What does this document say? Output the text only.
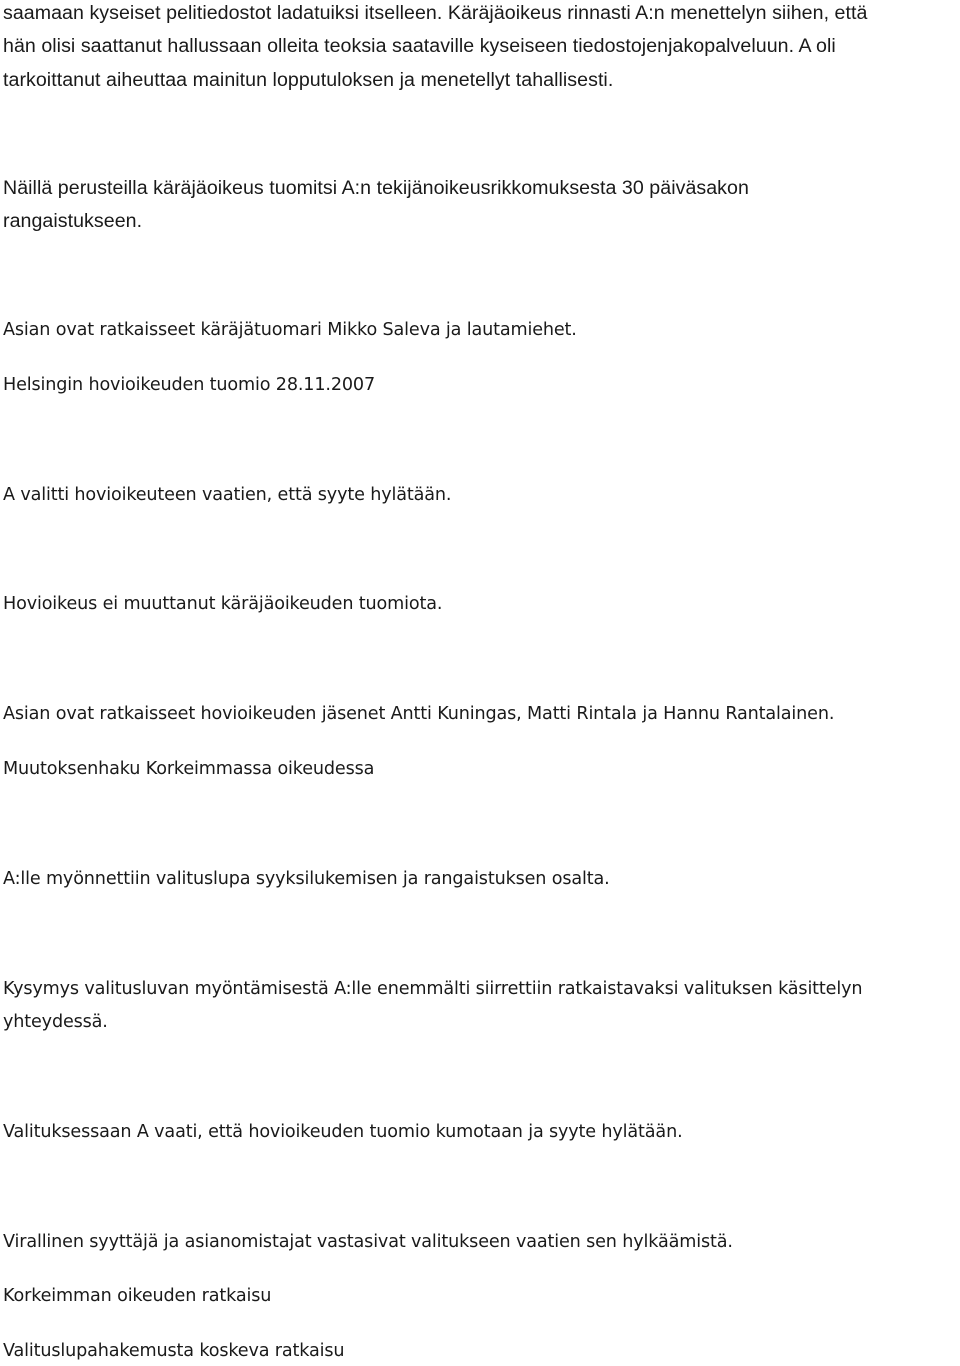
saamaan kyseiset pelitiedostot ladatuiksi itselleen. Käräjäoikeus rinnasti A:n menettelyn siihen, että

hän olisi saattanut hallussaan olleita teoksia saataville kyseiseen tiedostojenjakopalveluun. A oli

tarkoittanut aiheuttaa mainitun lopputuloksen ja menetellyt tahallisesti.

Näillä perusteilla käräjäoikeus tuomitsi A:n tekijänoikeusrikkomuksesta 30 päiväsakon

rangaistukseen.

Asian ovat ratkaisseet käräjätuomari Mikko Saleva ja lautamiehet.

Helsingin hovioikeuden tuomio 28.11.2007

A valitti hovioikeuteen vaatien, että syyte hylätään.

Hovioikeus ei muuttanut käräjäoikeuden tuomiota.

Asian ovat ratkaisseet hovioikeuden jäsenet Antti Kuningas, Matti Rintala ja Hannu Rantalainen.

Muutoksenhaku Korkeimmassa oikeudessa

A:lle myönnettiin valituslupa syyksilukemisen ja rangaistuksen osalta.

Kysymys valitusluvan myöntämisestä A:lle enemmälti siirrettiin ratkaistavaksi valituksen käsittelyn

yhteydessä.

Valituksessaan A vaati, että hovioikeuden tuomio kumotaan ja syyte hylätään.

Virallinen syyttäjä ja asianomistajat vastasivat valitukseen vaatien sen hylkäämistä.

Korkeimman oikeuden ratkaisu

Valituslupahakemusta koskeva ratkaisu
